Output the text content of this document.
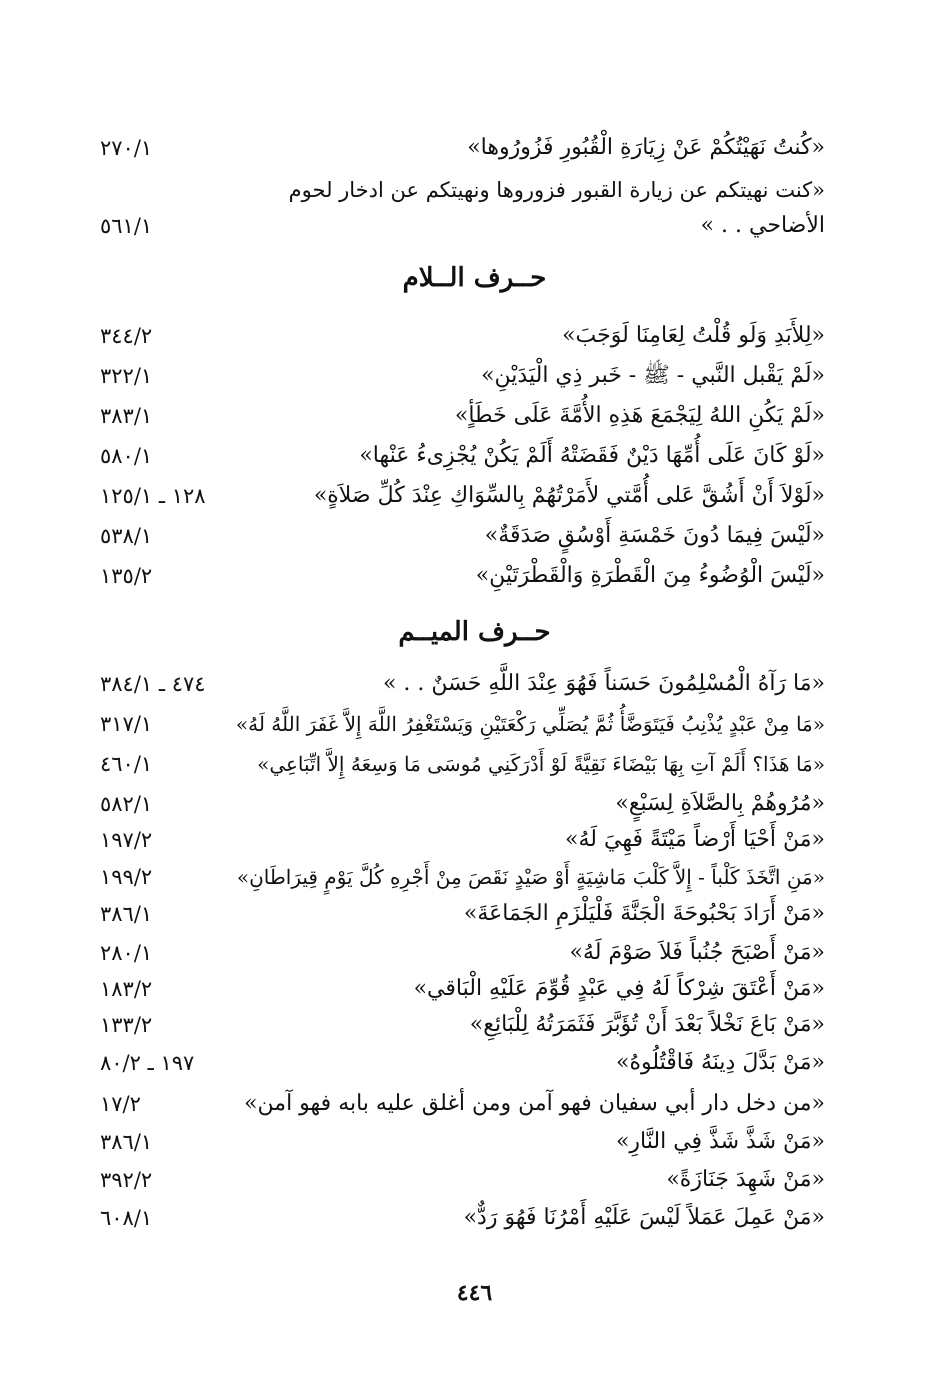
«كُنتُ نَهَيْتُكُمْ عَنْ زِيَارَةِ الْقُبُورِ فَزُورُوها»
٢٧٠/١
«كنت نهيتكم عن زيارة القبور فزوروها ونهيتكم عن ادخار لحوم
الأضاحي . . »
٥٦١/١
حــرف الــلام
«لِلأَبَدِ وَلَو قُلْتُ لِعَامِنَا لَوَجَبَ»
٣٤٤/٢
«لَمْ يَقْبل النَّبي - ﷺ - خَبر ذِي الْيَدَيْنِ»
٣٢٢/١
«لَمْ يَكُنِ اللهُ لِيَجْمَعَ هَذِهِ الأُمَّةَ عَلَى خَطَأٍ»
٣٨٣/١
«لَوْ كَانَ عَلَى أُمِّهَا دَيْنٌ فَقَضَتْهُ أَلَمْ يَكُنْ يُجْزِىءُ عَنْها»
٥٨٠/١
«لَوْلاَ أَنْ أَشُقَّ عَلى أُمَّتي لأَمَرْتُهُمْ بِالسِّوَاكِ عِنْدَ كُلِّ صَلاَةٍ»
١٢٨ ـ ١٢٥/١
«لَيْسَ فِيمَا دُونَ خَمْسَةِ أَوْسُقٍ صَدَقَةٌ»
٥٣٨/١
«لَيْسَ الْوُضُوءُ مِنَ الْقَطْرَةِ وَالْقَطْرَتَيْنِ»
١٣٥/٢
حــرف الميــم
«مَا رَآهُ الْمُسْلِمُونَ حَسَناً فَهُوَ عِنْدَ اللَّهِ حَسَنٌ . . »
٤٧٤ ـ ٣٨٤/١
«مَا مِنْ عَبْدٍ يُذْنِبُ فَيَتَوَضَّأُ ثُمَّ يُصَلِّي رَكْعَتَيْنِ وَيَسْتَغْفِرُ اللَّهَ إِلاَّ غَفَرَ اللَّهُ لَهُ»
٣١٧/١
«مَا هَذَا؟ أَلَمْ آتِ بِهَا بَيْضَاءَ نَقِيَّةً لَوْ أَدْرَكَنِي مُوسَى مَا وَسِعَهُ إِلاَّ اتِّبَاعِي»
٤٦٠/١
«مُرُوهُمْ بِالصَّلاَةِ لِسَبْعٍ»
٥٨٢/١
«مَنْ أَحْيَا أَرْضاً مَيْتَةً فَهِيَ لَهُ»
١٩٧/٢
«مَنِ اتَّخَذَ كَلْباً - إِلاَّ كَلْبَ مَاشِيَةٍ أَوْ صَيْدٍ نَقَصَ مِنْ أَجْرِهِ كُلَّ يَوْمٍ قِيرَاطَانِ»
١٩٩/٢
«مَنْ أَرَادَ بَحْبُوحَةَ الْجَنَّةَ فَلْيَلْزَمِ الجَمَاعَةَ»
٣٨٦/١
«مَنْ أَصْبَحَ جُنُباً فَلاَ صَوْمَ لَهُ»
٢٨٠/١
«مَنْ أَعْتَقَ شِرْكاً لَهُ فِي عَبْدٍ قُوِّمَ عَلَيْهِ الْبَاقي»
١٨٣/٢
«مَنْ بَاعَ نَخْلاً بَعْدَ أَنْ تُؤَبَّرَ فَثَمَرَتُهُ لِلْبَائِعِ»
١٣٣/٢
«مَنْ بَدَّلَ دِينَهُ فَاقْتُلُوهُ»
١٩٧ ـ ٨٠/٢
«من دخل دار أبي سفيان فهو آمن ومن أغلق عليه بابه فهو آمن»
١٧/٢
«مَنْ شَذَّ شَذَّ فِي النَّارِ»
٣٨٦/١
«مَنْ شَهِدَ جَنَازَةً»
٣٩٢/٢
«مَنْ عَمِلَ عَمَلاً لَيْسَ عَلَيْهِ أَمْرُنَا فَهُوَ رَدٌّ»
٦٠٨/١
٤٤٦
